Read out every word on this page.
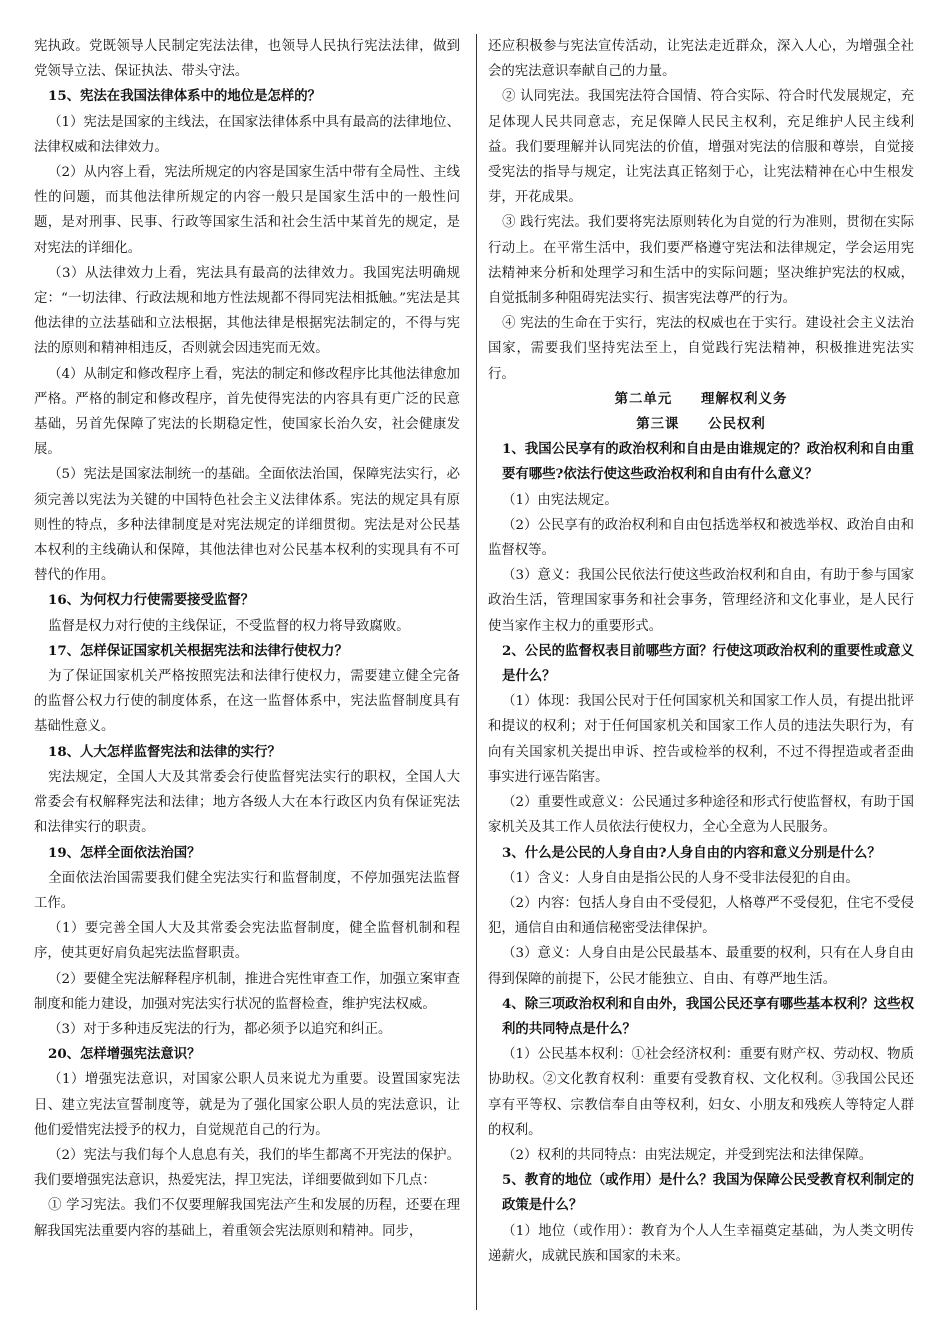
宪执政。党既领导人民制定宪法法律，也领导人民执行宪法法律，做到党领导立法、保证执法、带头守法。

15、宪法在我国法律体系中的地位是怎样的？

（1）宪法是国家的主线法，在国家法律体系中具有最高的法律地位、法律权威和法律效力。

（2）从内容上看，宪法所规定的内容是国家生活中带有全局性、主线性的问题，而其他法律所规定的内容一般只是国家生活中的一般性问题，是对刑事、民事、行政等国家生活和社会生活中某首先的规定，是对宪法的详细化。

（3）从法律效力上看，宪法具有最高的法律效力。我国宪法明确规定：“一切法律、行政法规和地方性法规都不得同宪法相抵触。”宪法是其他法律的立法基础和立法根据，其他法律是根据宪法制定的，不得与宪法的原则和精神相违反，否则就会因违宪而无效。

（4）从制定和修改程序上看，宪法的制定和修改程序比其他法律愈加严格。严格的制定和修改程序，首先使得宪法的内容具有更广泛的民意基础，另首先保障了宪法的长期稳定性，使国家长治久安，社会健康发展。

（5）宪法是国家法制统一的基础。全面依法治国，保障宪法实行，必须完善以宪法为关键的中国特色社会主义法律体系。宪法的规定具有原则性的特点，多种法律制度是对宪法规定的详细贯彻。宪法是对公民基本权利的主线确认和保障，其他法律也对公民基本权利的实现具有不可替代的作用。

16、为何权力行使需要接受监督？

监督是权力对行使的主线保证，不受监督的权力将导致腐败。

17、怎样保证国家机关根据宪法和法律行使权力？

为了保证国家机关严格按照宪法和法律行使权力，需要建立健全完备的监督公权力行使的制度体系，在这一监督体系中，宪法监督制度具有基础性意义。

18、人大怎样监督宪法和法律的实行？

宪法规定，全国人大及其常委会行使监督宪法实行的职权，全国人大常委会有权解释宪法和法律；地方各级人大在本行政区内负有保证宪法和法律实行的职责。

19、怎样全面依法治国？

全面依法治国需要我们健全宪法实行和监督制度，不停加强宪法监督工作。

（1）要完善全国人大及其常委会宪法监督制度，健全监督机制和程序，使其更好肩负起宪法监督职责。

（2）要健全宪法解释程序机制，推进合宪性审查工作，加强立案审查制度和能力建设，加强对宪法实行状况的监督检查，维护宪法权威。

（3）对于多种违反宪法的行为，都必须予以追究和纠正。

20、怎样增强宪法意识？

（1）增强宪法意识，对国家公职人员来说尤为重要。设置国家宪法日、建立宪法宣誓制度等，就是为了强化国家公职人员的宪法意识，让他们爱惜宪法授予的权力，自觉规范自己的行为。

（2）宪法与我们每个人息息有关，我们的毕生都离不开宪法的保护。我们要增强宪法意识，热爱宪法，捍卫宪法，详细要做到如下几点：

① 学习宪法。我们不仅要理解我国宪法产生和发展的历程，还要在理解我国宪法重要内容的基础上，着重领会宪法原则和精神。同步，

还应积极参与宪法宣传活动，让宪法走近群众，深入人心，为增强全社会的宪法意识奉献自己的力量。

② 认同宪法。我国宪法符合国情、符合实际、符合时代发展规定，充足体现人民共同意志，充足保障人民民主权利，充足维护人民主线利益。我们要理解并认同宪法的价值，增强对宪法的信服和尊崇，自觉接受宪法的指导与规定，让宪法真正铭刻于心，让宪法精神在心中生根发芽，开花成果。

③ 践行宪法。我们要将宪法原则转化为自觉的行为准则，贯彻在实际行动上。在平常生活中，我们要严格遵守宪法和法律规定，学会运用宪法精神来分析和处理学习和生活中的实际问题；坚决维护宪法的权威，自觉抵制多种阻碍宪法实行、损害宪法尊严的行为。

④ 宪法的生命在于实行，宪法的权威也在于实行。建设社会主义法治国家，需要我们坚持宪法至上，自觉践行宪法精神，积极推进宪法实行。

第二单元　　理解权利义务

第三课　　公民权利

1、我国公民享有的政治权利和自由是由谁规定的？政治权利和自由重要有哪些?依法行使这些政治权利和自由有什么意义？

（1）由宪法规定。

（2）公民享有的政治权利和自由包括选举权和被选举权、政治自由和监督权等。

（3）意义：我国公民依法行使这些政治权利和自由，有助于参与国家政治生活，管理国家事务和社会事务，管理经济和文化事业，是人民行使当家作主权力的重要形式。

2、公民的监督权表目前哪些方面？行使这项政治权利的重要性或意义是什么？

（1）体现：我国公民对于任何国家机关和国家工作人员，有提出批评和提议的权利；对于任何国家机关和国家工作人员的违法失职行为，有向有关国家机关提出申诉、控告或检举的权利，不过不得捏造或者歪曲事实进行诬告陷害。

（2）重要性或意义：公民通过多种途径和形式行使监督权，有助于国家机关及其工作人员依法行使权力，全心全意为人民服务。

3、什么是公民的人身自由?人身自由的内容和意义分别是什么？

（1）含义：人身自由是指公民的人身不受非法侵犯的自由。

（2）内容：包括人身自由不受侵犯，人格尊严不受侵犯，住宅不受侵犯，通信自由和通信秘密受法律保护。

（3）意义：人身自由是公民最基本、最重要的权利，只有在人身自由得到保障的前提下，公民才能独立、自由、有尊严地生活。

4、除三项政治权利和自由外，我国公民还享有哪些基本权利？这些权利的共同特点是什么？

（1）公民基本权利：①社会经济权利：重要有财产权、劳动权、物质协助权。②文化教育权利：重要有受教育权、文化权利。③我国公民还享有平等权、宗教信奉自由等权利，妇女、小朋友和残疾人等特定人群的权利。

（2）权利的共同特点：由宪法规定，并受到宪法和法律保障。

5、教育的地位（或作用）是什么？我国为保障公民受教育权利制定的政策是什么？

（1）地位（或作用）：教育为个人人生幸福奠定基础，为人类文明传递薪火，成就民族和国家的未来。
